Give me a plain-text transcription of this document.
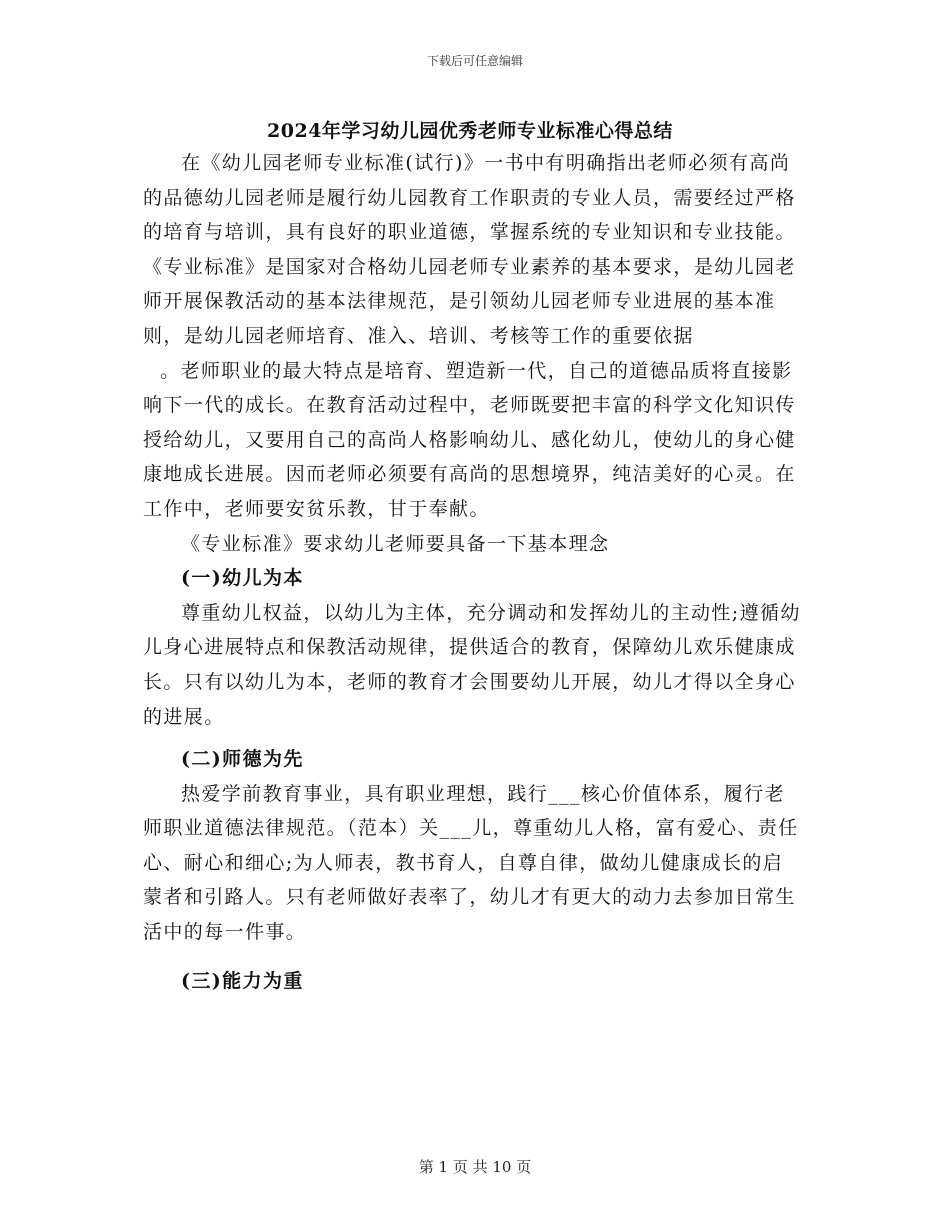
下载后可任意编辑
2024年学习幼儿园优秀老师专业标准心得总结

在《幼儿园老师专业标准(试行)》一书中有明确指出老师必须有高尚的品德幼儿园老师是履行幼儿园教育工作职责的专业人员，需要经过严格的培育与培训，具有良好的职业道德，掌握系统的专业知识和专业技能。《专业标准》是国家对合格幼儿园老师专业素养的基本要求，是幼儿园老师开展保教活动的基本法律规范，是引领幼儿园老师专业进展的基本准则，是幼儿园老师培育、准入、培训、考核等工作的重要依据

。老师职业的最大特点是培育、塑造新一代，自己的道德品质将直接影响下一代的成长。在教育活动过程中，老师既要把丰富的科学文化知识传授给幼儿，又要用自己的高尚人格影响幼儿、感化幼儿，使幼儿的身心健康地成长进展。因而老师必须要有高尚的思想境界，纯洁美好的心灵。在工作中，老师要安贫乐教，甘于奉献。

《专业标准》要求幼儿老师要具备一下基本理念

(一)幼儿为本

尊重幼儿权益，以幼儿为主体，充分调动和发挥幼儿的主动性;遵循幼儿身心进展特点和保教活动规律，提供适合的教育，保障幼儿欢乐健康成长。只有以幼儿为本，老师的教育才会围要幼儿开展，幼儿才得以全身心的进展。

(二)师德为先

热爱学前教育事业，具有职业理想，践行___核心价值体系，履行老师职业道德法律规范。（范本）关___儿，尊重幼儿人格，富有爱心、责任心、耐心和细心;为人师表，教书育人，自尊自律，做幼儿健康成长的启蒙者和引路人。只有老师做好表率了，幼儿才有更大的动力去参加日常生活中的每一件事。

(三)能力为重

第 1 页 共 10 页
